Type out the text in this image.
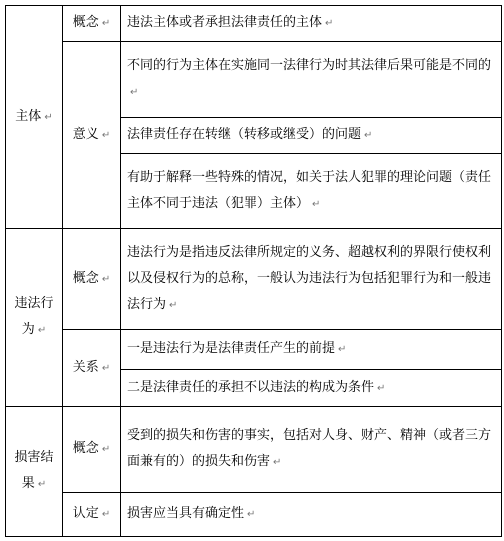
主体 ↵	概念 ↵	违法主体或者承担法律责任的主体 ↵
	意义 ↵	不同的行为主体在实施同一法律行为时其法律后果可能是不同的↵
		法律责任存在转继（转移或继受）的问题 ↵
		有助于解释一些特殊的情况，如关于法人犯罪的理论问题（责任主体不同于违法（犯罪）主体） ↵
违法行为 ↵	概念 ↵	违法行为是指违反法律所规定的义务、超越权利的界限行使权利以及侵权行为的总称，一般认为违法行为包括犯罪行为和一般违法行为 ↵
	关系 ↵	一是违法行为是法律责任产生的前提 ↵
		二是法律责任的承担不以违法的构成为条件 ↵
损害结果 ↵	概念 ↵	受到的损失和伤害的事实，包括对人身、财产、精神（或者三方面兼有的）的损失和伤害 ↵
	认定 ↵	损害应当具有确定性 ↵
